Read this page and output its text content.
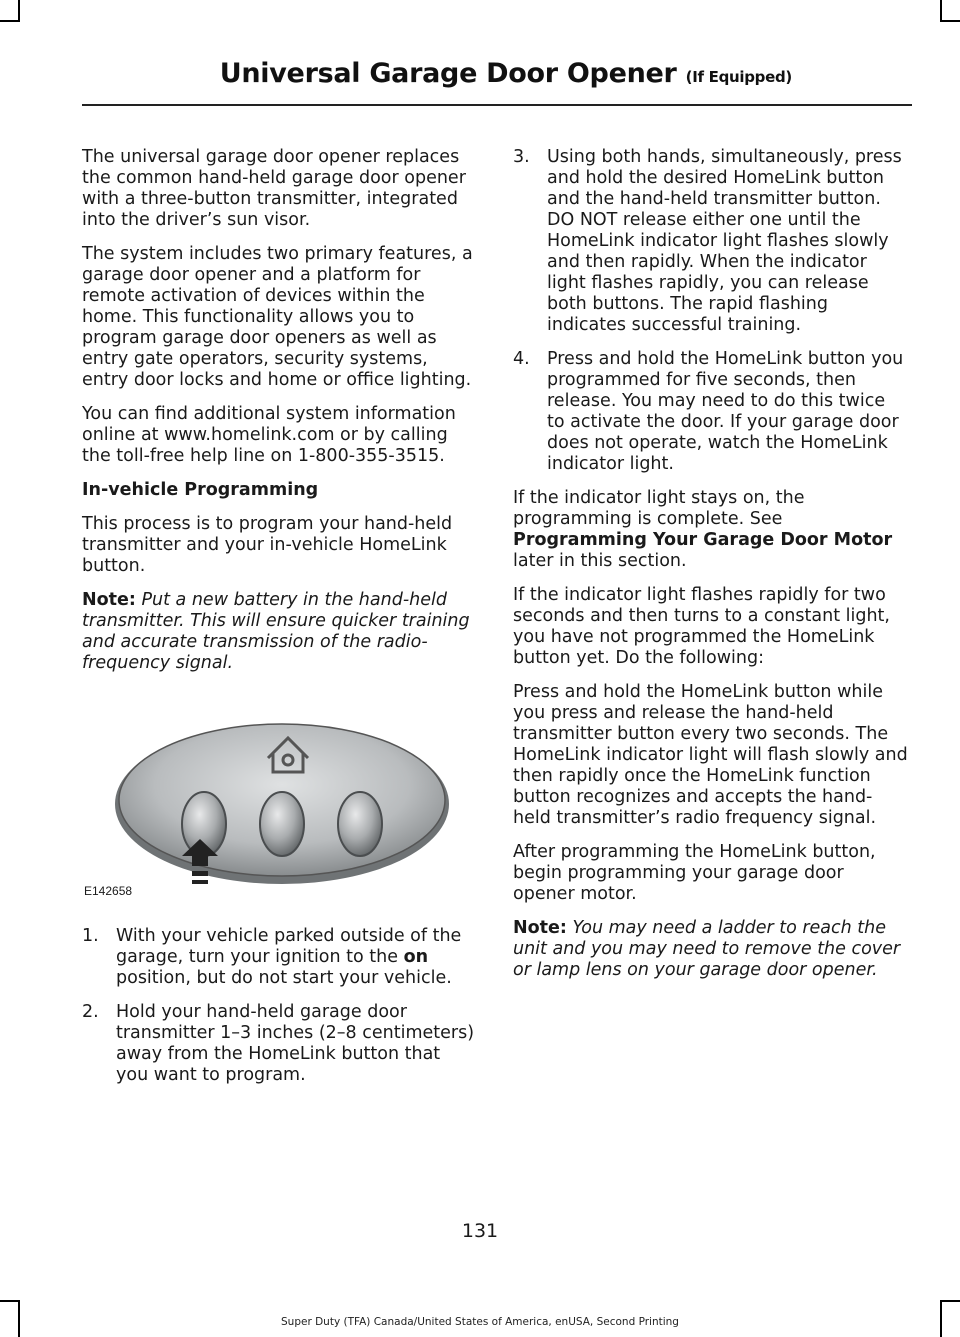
Universal Garage Door Opener (If Equipped)

The universal garage door opener replaces the common hand-held garage door opener with a three-button transmitter, integrated into the driver’s sun visor.

The system includes two primary features, a garage door opener and a platform for remote activation of devices within the home. This functionality allows you to program garage door openers as well as entry gate operators, security systems, entry door locks and home or office lighting.

You can find additional system information online at www.homelink.com or by calling the toll-free help line on 1-800-355-3515.

In-vehicle Programming

This process is to program your hand-held transmitter and your in-vehicle HomeLink button.

Note: Put a new battery in the hand-held transmitter. This will ensure quicker training and accurate transmission of the radio-frequency signal.

E142658
1. With your vehicle parked outside of the garage, turn your ignition to the on position, but do not start your vehicle.
2. Hold your hand-held garage door transmitter 1–3 inches (2–8 centimeters) away from the HomeLink button that you want to program.
3. Using both hands, simultaneously, press and hold the desired HomeLink button and the hand-held transmitter button. DO NOT release either one until the HomeLink indicator light flashes slowly and then rapidly. When the indicator light flashes rapidly, you can release both buttons. The rapid flashing indicates successful training.
4. Press and hold the HomeLink button you programmed for five seconds, then release. You may need to do this twice to activate the door. If your garage door does not operate, watch the HomeLink indicator light.

If the indicator light stays on, the programming is complete. See Programming Your Garage Door Motor later in this section.

If the indicator light flashes rapidly for two seconds and then turns to a constant light, you have not programmed the HomeLink button yet. Do the following:

Press and hold the HomeLink button while you press and release the hand-held transmitter button every two seconds. The HomeLink indicator light will flash slowly and then rapidly once the HomeLink function button recognizes and accepts the hand-held transmitter’s radio frequency signal.

After programming the HomeLink button, begin programming your garage door opener motor.

Note: You may need a ladder to reach the unit and you may need to remove the cover or lamp lens on your garage door opener.

131
Super Duty (TFA) Canada/United States of America, enUSA, Second Printing
